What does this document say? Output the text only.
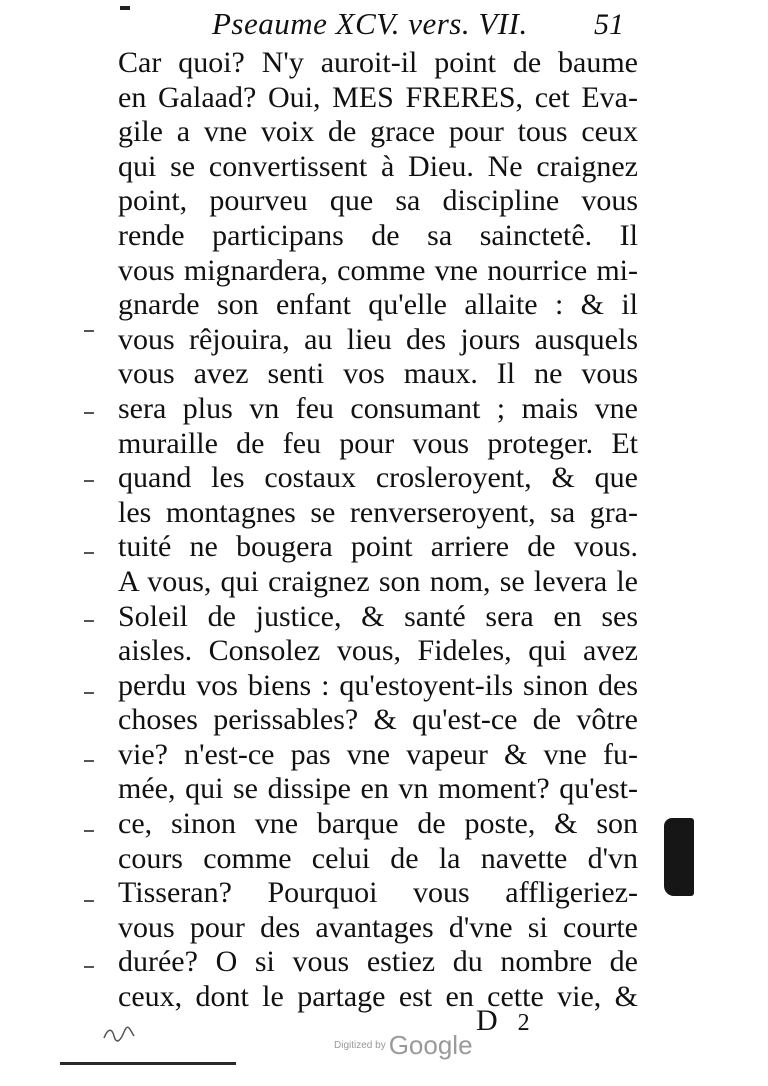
Pseaume XCV. vers. VII. 51
Car quoi? N'y auroit-il point de baume
en Galaad? Oui, MES FRERES, cet Eva-
gile a vne voix de grace pour tous ceux
qui se convertissent à Dieu. Ne craignez
point, pourveu que sa discipline vous
rende participans de sa sainctetê. Il
vous mignardera, comme vne nourrice mi-
gnarde son enfant qu'elle allaite : & il
vous rêjouira, au lieu des jours ausquels
vous avez senti vos maux. Il ne vous
sera plus vn feu consumant ; mais vne
muraille de feu pour vous proteger. Et
quand les costaux crosleroyent, & que
les montagnes se renverseroyent, sa gra-
tuité ne bougera point arriere de vous.
A vous, qui craignez son nom, se levera le
Soleil de justice, & santé sera en ses
aisles. Consolez vous, Fideles, qui avez
perdu vos biens : qu'estoyent-ils sinon des
choses perissables? & qu'est-ce de vôtre
vie? n'est-ce pas vne vapeur & vne fu-
mée, qui se dissipe en vn moment? qu'est-
ce, sinon vne barque de poste, & son
cours comme celui de la navette d'vn
Tisseran? Pourquoi vous affligeriez-
vous pour des avantages d'vne si courte
durée? O si vous estiez du nombre de
ceux, dont le partage est en cette vie, &
D 2
Digitized by Google
